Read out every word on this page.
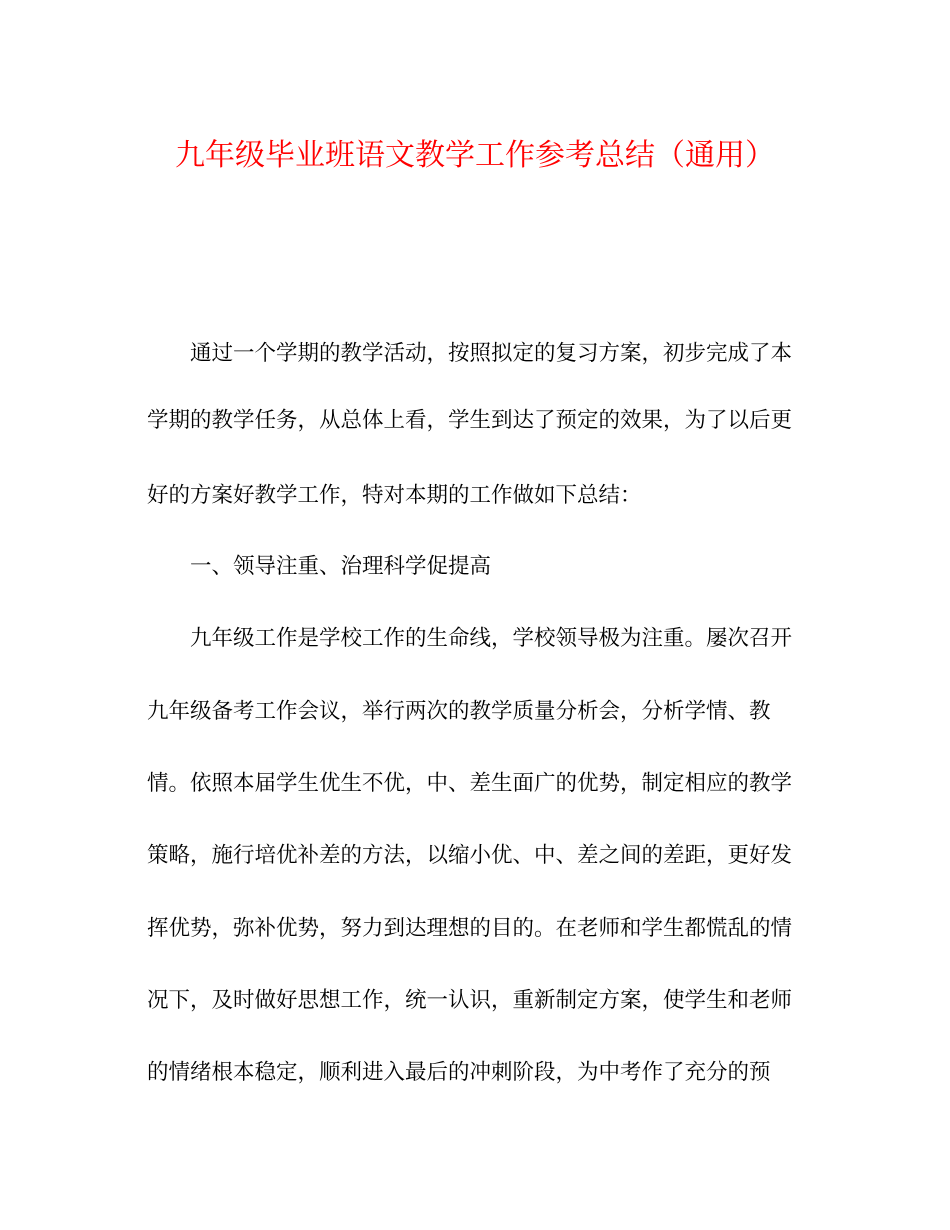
九年级毕业班语文教学工作参考总结（通用）

通过一个学期的教学活动，按照拟定的复习方案，初步完成了本

学期的教学任务，从总体上看，学生到达了预定的效果，为了以后更

好的方案好教学工作，特对本期的工作做如下总结：

一、领导注重、治理科学促提高

九年级工作是学校工作的生命线，学校领导极为注重。屡次召开

九年级备考工作会议，举行两次的教学质量分析会，分析学情、教

情。依照本届学生优生不优，中、差生面广的优势，制定相应的教学

策略，施行培优补差的方法，以缩小优、中、差之间的差距，更好发

挥优势，弥补优势，努力到达理想的目的。在老师和学生都慌乱的情

况下，及时做好思想工作，统一认识，重新制定方案，使学生和老师

的情绪根本稳定，顺利进入最后的冲刺阶段，为中考作了充分的预
